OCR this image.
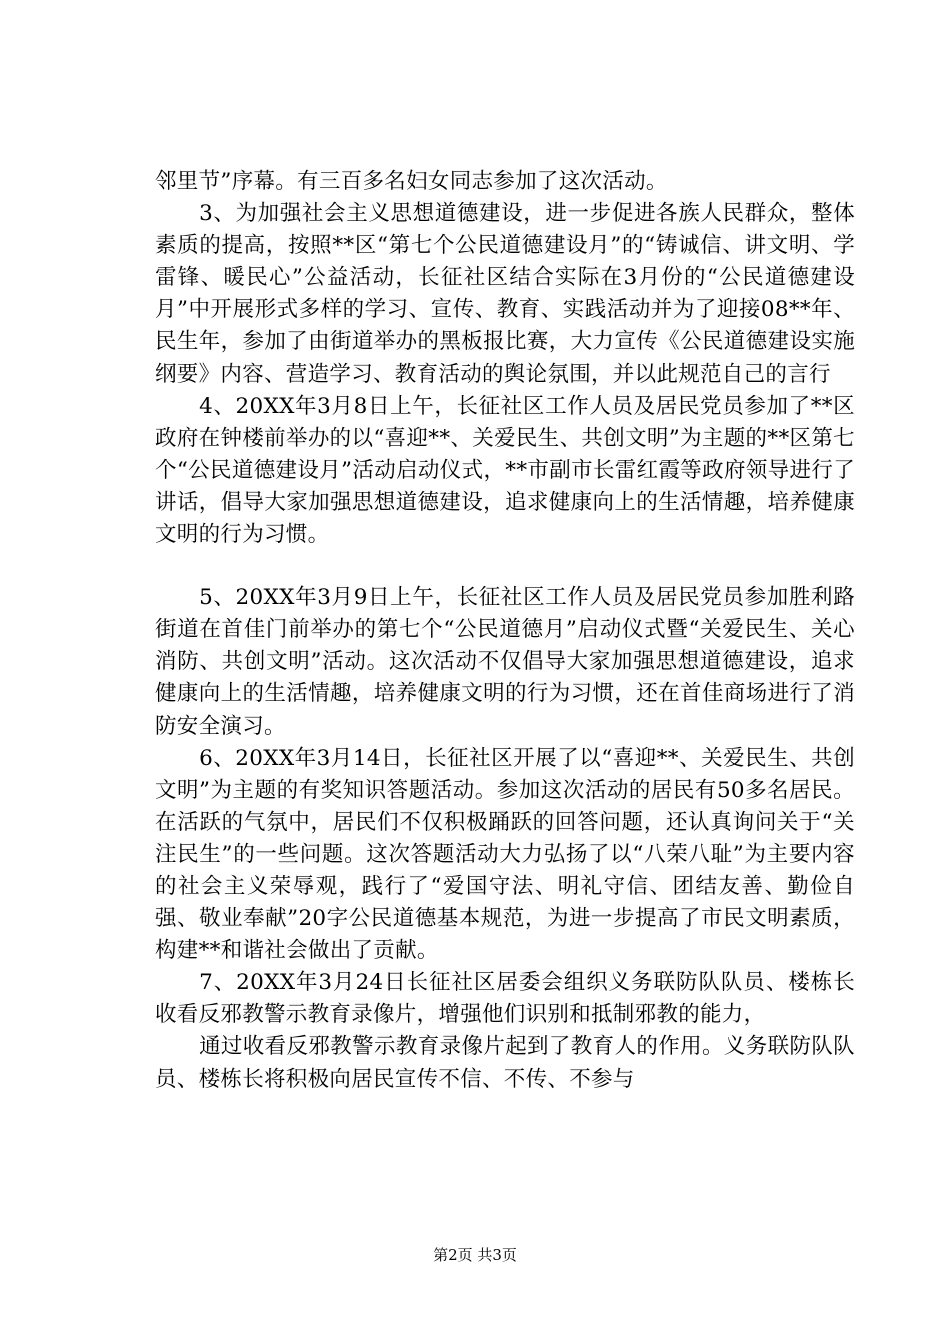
邻里节”序幕。有三百多名妇女同志参加了这次活动。

3、为加强社会主义思想道德建设，进一步促进各族人民群众，整体素质的提高，按照**区“第七个公民道德建设月”的“铸诚信、讲文明、学雷锋、暖民心”公益活动，长征社区结合实际在3月份的“公民道德建设月”中开展形式多样的学习、宣传、教育、实践活动并为了迎接08**年、民生年，参加了由街道举办的黑板报比赛，大力宣传《公民道德建设实施纲要》内容、营造学习、教育活动的舆论氛围，并以此规范自己的言行

4、20XX年3月8日上午，长征社区工作人员及居民党员参加了**区政府在钟楼前举办的以“喜迎**、关爱民生、共创文明”为主题的**区第七个“公民道德建设月”活动启动仪式，**市副市长雷红霞等政府领导进行了讲话，倡导大家加强思想道德建设，追求健康向上的生活情趣，培养健康文明的行为习惯。

5、20XX年3月9日上午，长征社区工作人员及居民党员参加胜利路街道在首佳门前举办的第七个“公民道德月”启动仪式暨“关爱民生、关心消防、共创文明”活动。这次活动不仅倡导大家加强思想道德建设，追求健康向上的生活情趣，培养健康文明的行为习惯，还在首佳商场进行了消防安全演习。

6、20XX年3月14日，长征社区开展了以“喜迎**、关爱民生、共创文明”为主题的有奖知识答题活动。参加这次活动的居民有50多名居民。在活跃的气氛中，居民们不仅积极踊跃的回答问题，还认真询问关于“关注民生”的一些问题。这次答题活动大力弘扬了以“八荣八耻”为主要内容的社会主义荣辱观，践行了“爱国守法、明礼守信、团结友善、勤俭自强、敬业奉献”20字公民道德基本规范，为进一步提高了市民文明素质，构建**和谐社会做出了贡献。

7、20XX年3月24日长征社区居委会组织义务联防队队员、楼栋长收看反邪教警示教育录像片，增强他们识别和抵制邪教的能力，

通过收看反邪教警示教育录像片起到了教育人的作用。义务联防队队员、楼栋长将积极向居民宣传不信、不传、不参与

第2页 共3页
